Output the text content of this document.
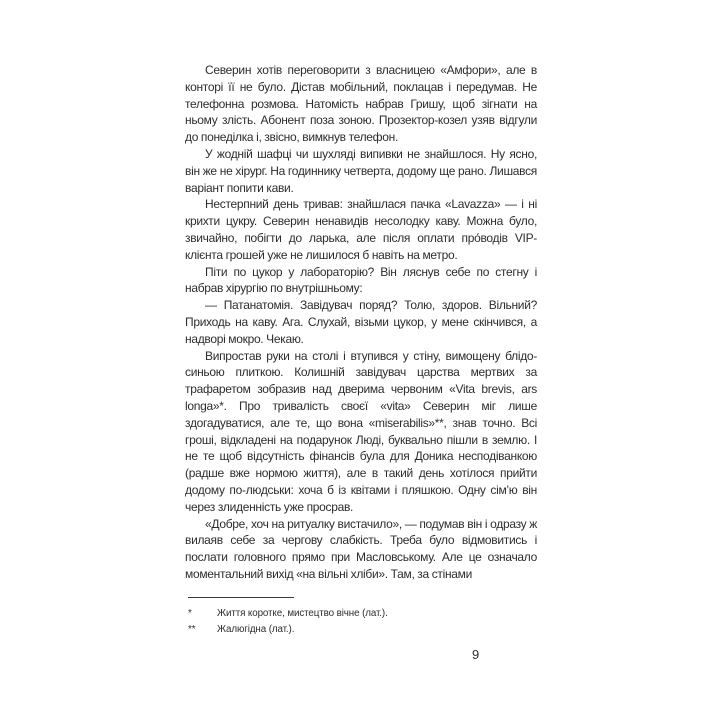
Северин хотів переговорити з власницею «Амфори», але в конторі її не було. Дістав мобільний, поклацав і передумав. Не телефонна розмова. Натомість набрав Гришу, щоб зігнати на ньому злість. Абонент поза зоною. Прозектор-козел узяв відгули до понеділка і, звісно, вимкнув телефон.

У жодній шафці чи шухляді випивки не знайшлося. Ну ясно, він же не хірург. На годиннику четверта, додому ще рано. Лишався варіант попити кави.

Нестерпний день тривав: знайшлася пачка «Lavazza» — і ні крихти цукру. Северин ненавидів несолодку каву. Можна було, звичайно, побігти до ларька, але після оплати про́водів VIP-клієнта грошей уже не лишилося б навіть на метро.

Піти по цукор у лабораторію? Він ляснув себе по стегну і набрав хірургію по внутрішньому:

— Патанатомія. Завідувач поряд? Толю, здоров. Вільний? Приходь на каву. Ага. Слухай, візьми цукор, у мене скінчився, а надворі мокро. Чекаю.

Випростав руки на столі і втупився у стіну, вимощену блідо-синьою плиткою. Колишній завідувач царства мертвих за трафаретом зобразив над дверима червоним «Vita brevis, ars longa»*. Про тривалість своєї «vita» Северин міг лише здогадуватися, але те, що вона «miserabilis»**, знав точно. Всі гроші, відкладені на подарунок Люді, буквально пішли в землю. І не те щоб відсутність фінансів була для Доника несподіванкою (радше вже нормою життя), але в такий день хотілося прийти додому по-людськи: хоча б із квітами і пляшкою. Одну сім’ю він через злиденність уже просрав.

«Добре, хоч на ритуалку вистачило», — подумав він і одразу ж вилаяв себе за чергову слабкість. Треба було відмовитись і послати головного прямо при Масловському. Але це означало моментальний вихід «на вільні хліби». Там, за стінами

*	Життя коротке, мистецтво вічне (лат.).
**	Жалюгідна (лат.).
9
